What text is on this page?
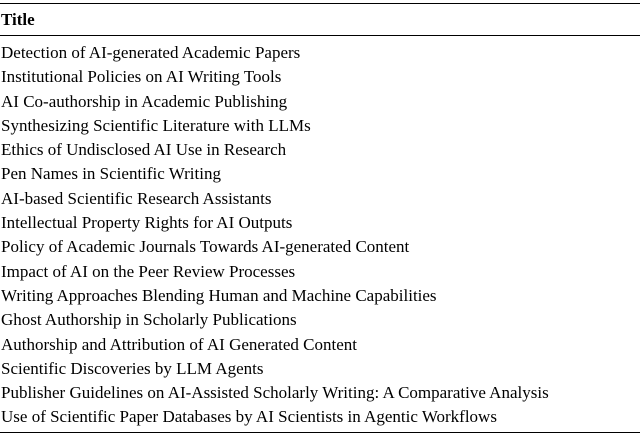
Title
Detection of AI-generated Academic Papers
Institutional Policies on AI Writing Tools
AI Co-authorship in Academic Publishing
Synthesizing Scientific Literature with LLMs
Ethics of Undisclosed AI Use in Research
Pen Names in Scientific Writing
AI-based Scientific Research Assistants
Intellectual Property Rights for AI Outputs
Policy of Academic Journals Towards AI-generated Content
Impact of AI on the Peer Review Processes
Writing Approaches Blending Human and Machine Capabilities
Ghost Authorship in Scholarly Publications
Authorship and Attribution of AI Generated Content
Scientific Discoveries by LLM Agents
Publisher Guidelines on AI-Assisted Scholarly Writing: A Comparative Analysis
Use of Scientific Paper Databases by AI Scientists in Agentic Workflows
